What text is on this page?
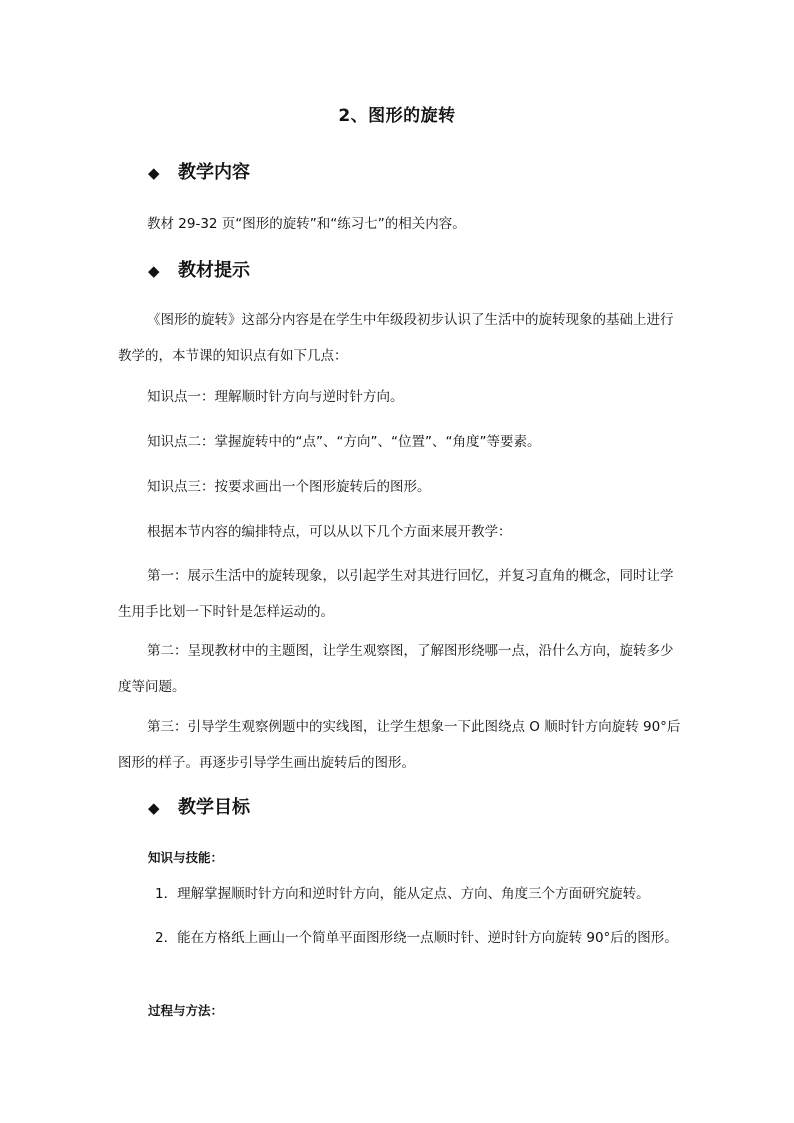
2、图形的旋转
◆ 教学内容
教材 29-32 页“图形的旋转”和“练习七”的相关内容。
◆ 教材提示
《图形的旋转》这部分内容是在学生中年级段初步认识了生活中的旋转现象的基础上进行教学的，本节课的知识点有如下几点：
知识点一：理解顺时针方向与逆时针方向。
知识点二：掌握旋转中的“点”、“方向”、“位置”、“角度”等要素。
知识点三：按要求画出一个图形旋转后的图形。
根据本节内容的编排特点，可以从以下几个方面来展开教学：
第一：展示生活中的旋转现象，以引起学生对其进行回忆，并复习直角的概念，同时让学生用手比划一下时针是怎样运动的。
第二：呈现教材中的主题图，让学生观察图，了解图形绕哪一点，沿什么方向，旋转多少度等问题。
第三：引导学生观察例题中的实线图，让学生想象一下此图绕点 O 顺时针方向旋转 90°后图形的样子。再逐步引导学生画出旋转后的图形。
◆ 教学目标
知识与技能：
1．理解掌握顺时针方向和逆时针方向，能从定点、方向、角度三个方面研究旋转。
2．能在方格纸上画山一个简单平面图形绕一点顺时针、逆时针方向旋转 90°后的图形。
过程与方法：
